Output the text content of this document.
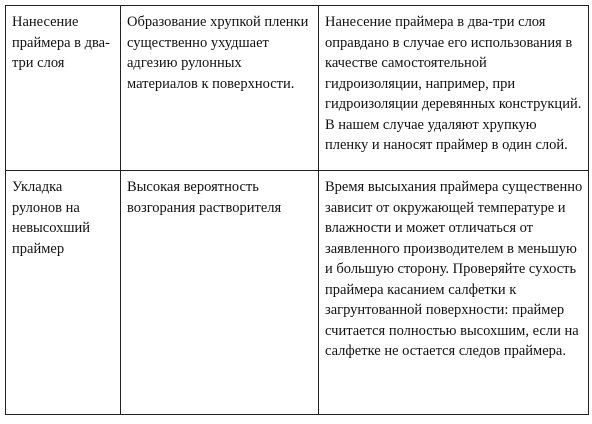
Нанесение праймера в два-три слоя	Образование хрупкой пленки существенно ухудшает адгезию рулонных материалов к поверхности.	Нанесение праймера в два-три слоя оправдано в случае его использования в качестве самостоятельной гидроизоляции, например, при гидроизоляции деревянных конструкций. В нашем случае удаляют хрупкую пленку и наносят праймер в один слой.
Укладка рулонов на невысохший праймер	Высокая вероятность возгорания растворителя	Время высыхания праймера существенно зависит от окружающей температуре и влажности и может отличаться от заявленного производителем в меньшую и большую сторону. Проверяйте сухость праймера касанием салфетки к загрунтованной поверхности: праймер считается полностью высохшим, если на салфетке не остается следов праймера.
